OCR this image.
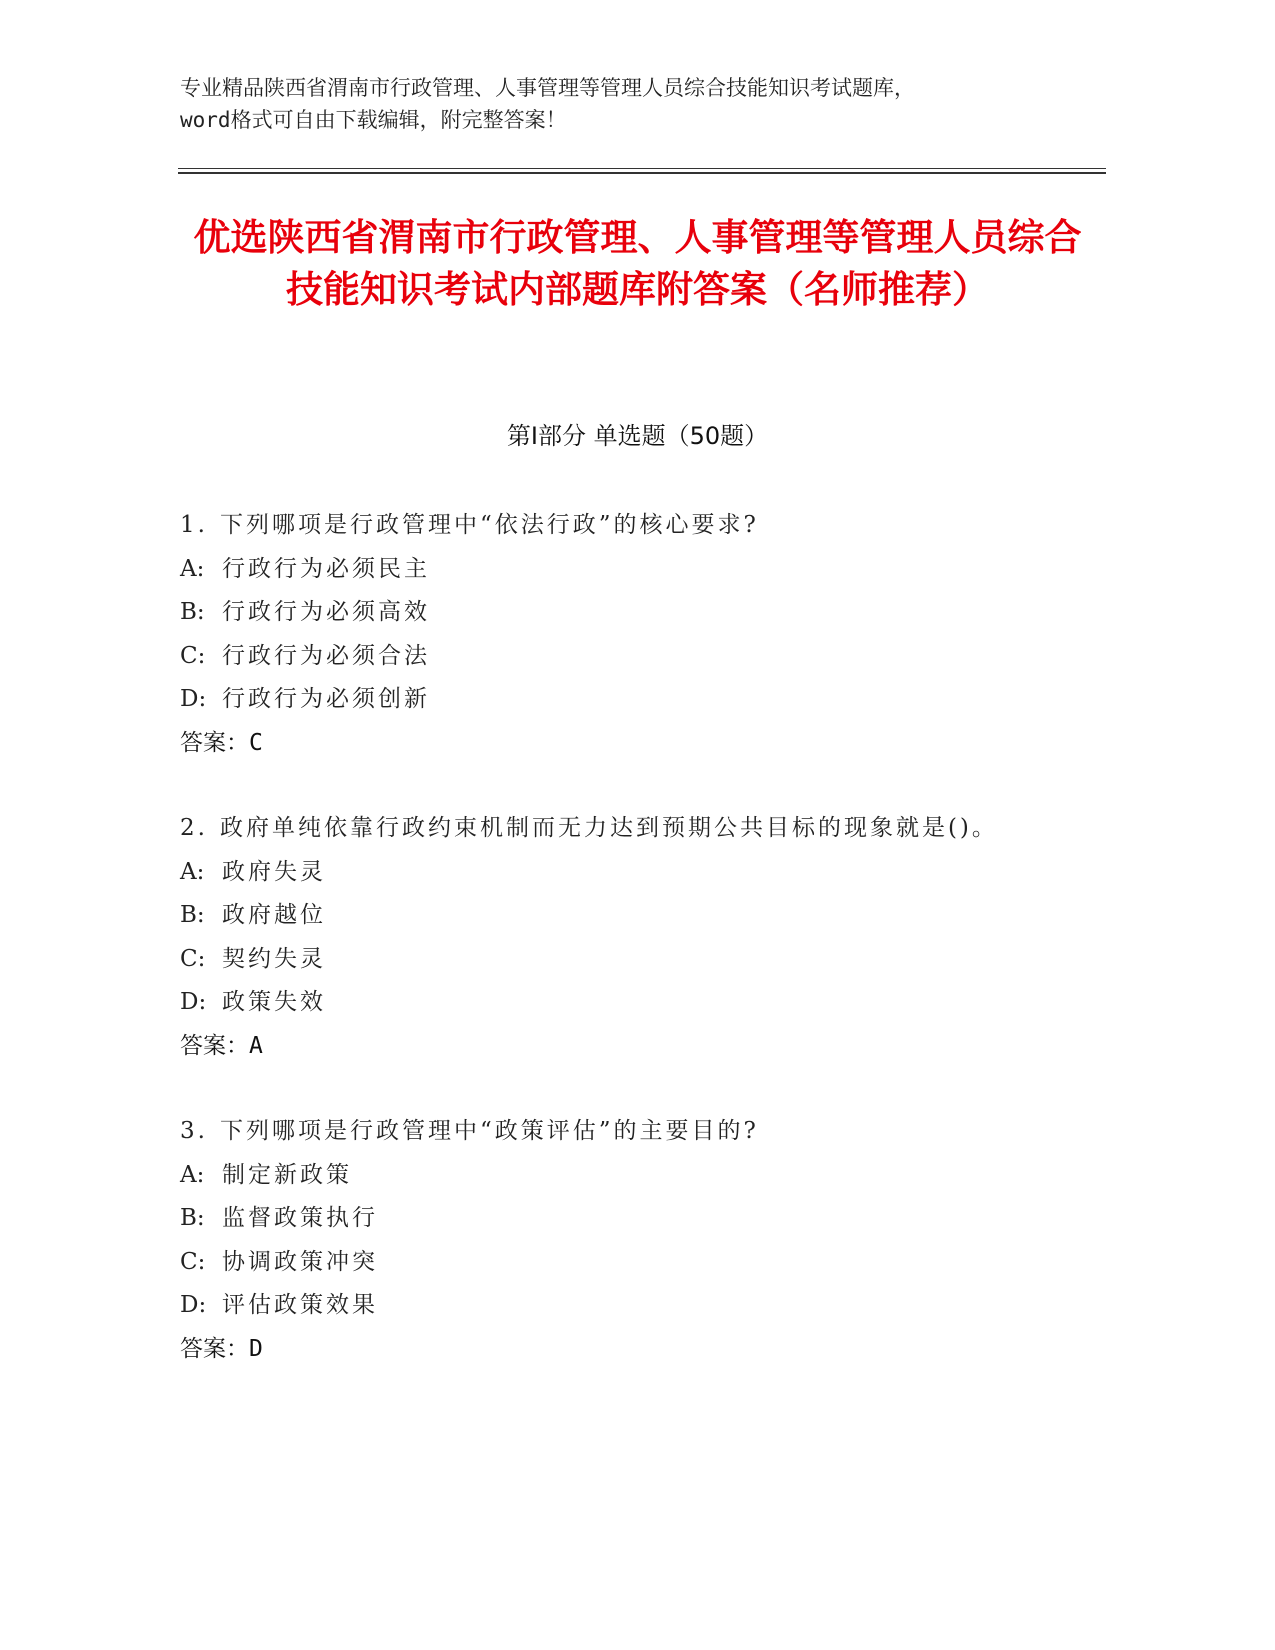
专业精品陕西省渭南市行政管理、人事管理等管理人员综合技能知识考试题库，
word格式可自由下载编辑，附完整答案！
优选陕西省渭南市行政管理、人事管理等管理人员综合技能知识考试内部题库附答案（名师推荐）
第Ⅰ部分 单选题（50题）
1. 下列哪项是行政管理中“依法行政”的核心要求?
A: 行政行为必须民主
B: 行政行为必须高效
C: 行政行为必须合法
D: 行政行为必须创新
答案：C
2. 政府单纯依靠行政约束机制而无力达到预期公共目标的现象就是()。
A: 政府失灵
B: 政府越位
C: 契约失灵
D: 政策失效
答案：A
3. 下列哪项是行政管理中“政策评估”的主要目的?
A: 制定新政策
B: 监督政策执行
C: 协调政策冲突
D: 评估政策效果
答案：D
